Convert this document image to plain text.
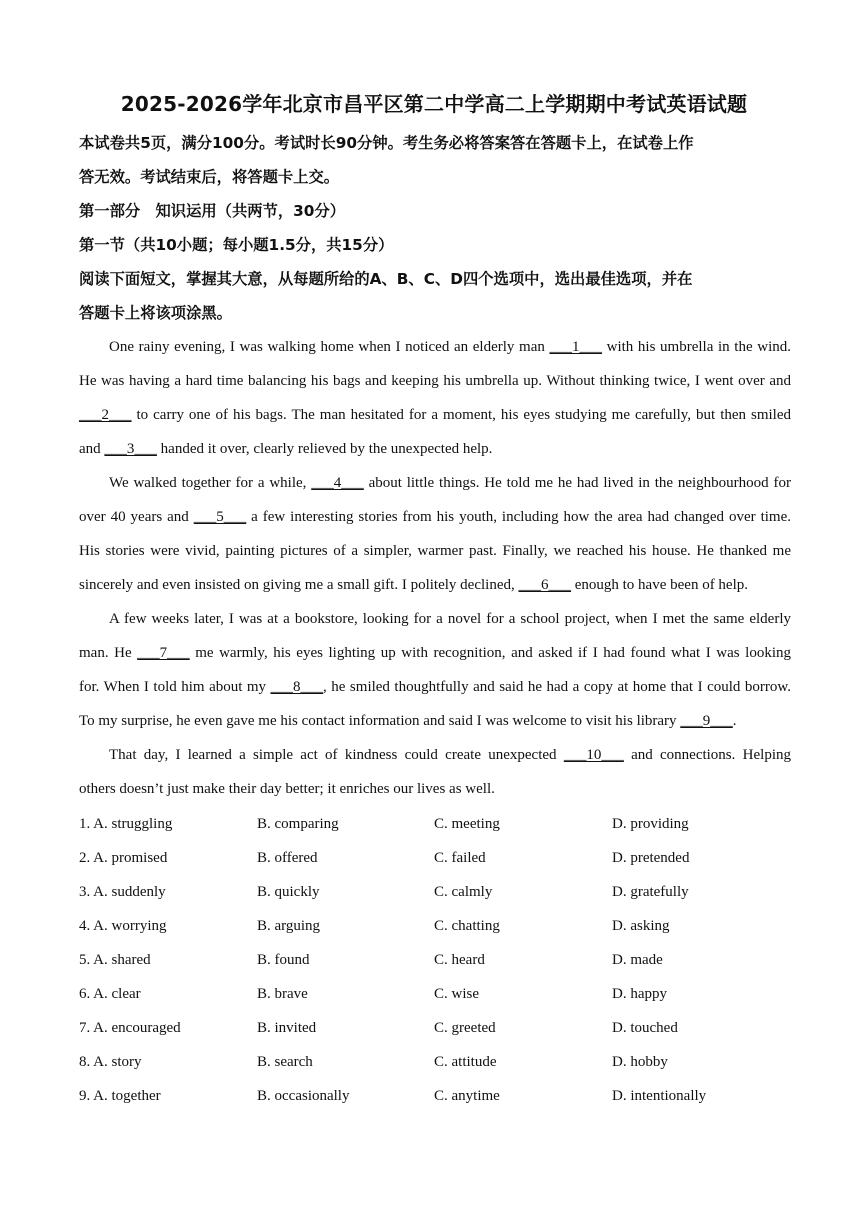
2025-2026学年北京市昌平区第二中学高二上学期期中考试英语试题
本试卷共5页，满分100分。考试时长90分钟。考生务必将答案答在答题卡上，在试卷上作
答无效。考试结束后，将答题卡上交。
第一部分　知识运用（共两节，30分）
第一节（共10小题；每小题1.5分，共15分）
阅读下面短文，掌握其大意，从每题所给的A、B、C、D四个选项中，选出最佳选项，并在
答题卡上将该项涂黑。
One rainy evening, I was walking home when I noticed an elderly man ___1___ with his umbrella in the wind.
He was having a hard time balancing his bags and keeping his umbrella up. Without thinking twice, I went over and
___2___ to carry one of his bags. The man hesitated for a moment, his eyes studying me carefully, but then smiled
and ___3___ handed it over, clearly relieved by the unexpected help.
We walked together for a while, ___4___ about little things. He told me he had lived in the neighbourhood for
over 40 years and ___5___ a few interesting stories from his youth, including how the area had changed over time.
His stories were vivid, painting pictures of a simpler, warmer past. Finally, we reached his house. He thanked me
sincerely and even insisted on giving me a small gift. I politely declined, ___6___ enough to have been of help.
A few weeks later, I was at a bookstore, looking for a novel for a school project, when I met the same elderly
man. He ___7___ me warmly, his eyes lighting up with recognition, and asked if I had found what I was looking
for. When I told him about my ___8___, he smiled thoughtfully and said he had a copy at home that I could borrow.
To my surprise, he even gave me his contact information and said I was welcome to visit his library ___9___.
That day, I learned a simple act of kindness could create unexpected ___10___ and connections. Helping
others doesn’t just make their day better; it enriches our lives as well.
1. A. struggling	B. comparing	C. meeting	D. providing
2. A. promised	B. offered	C. failed	D. pretended
3. A. suddenly	B. quickly	C. calmly	D. gratefully
4. A. worrying	B. arguing	C. chatting	D. asking
5. A. shared	B. found	C. heard	D. made
6. A. clear	B. brave	C. wise	D. happy
7. A. encouraged	B. invited	C. greeted	D. touched
8. A. story	B. search	C. attitude	D. hobby
9. A. together	B. occasionally	C. anytime	D. intentionally
